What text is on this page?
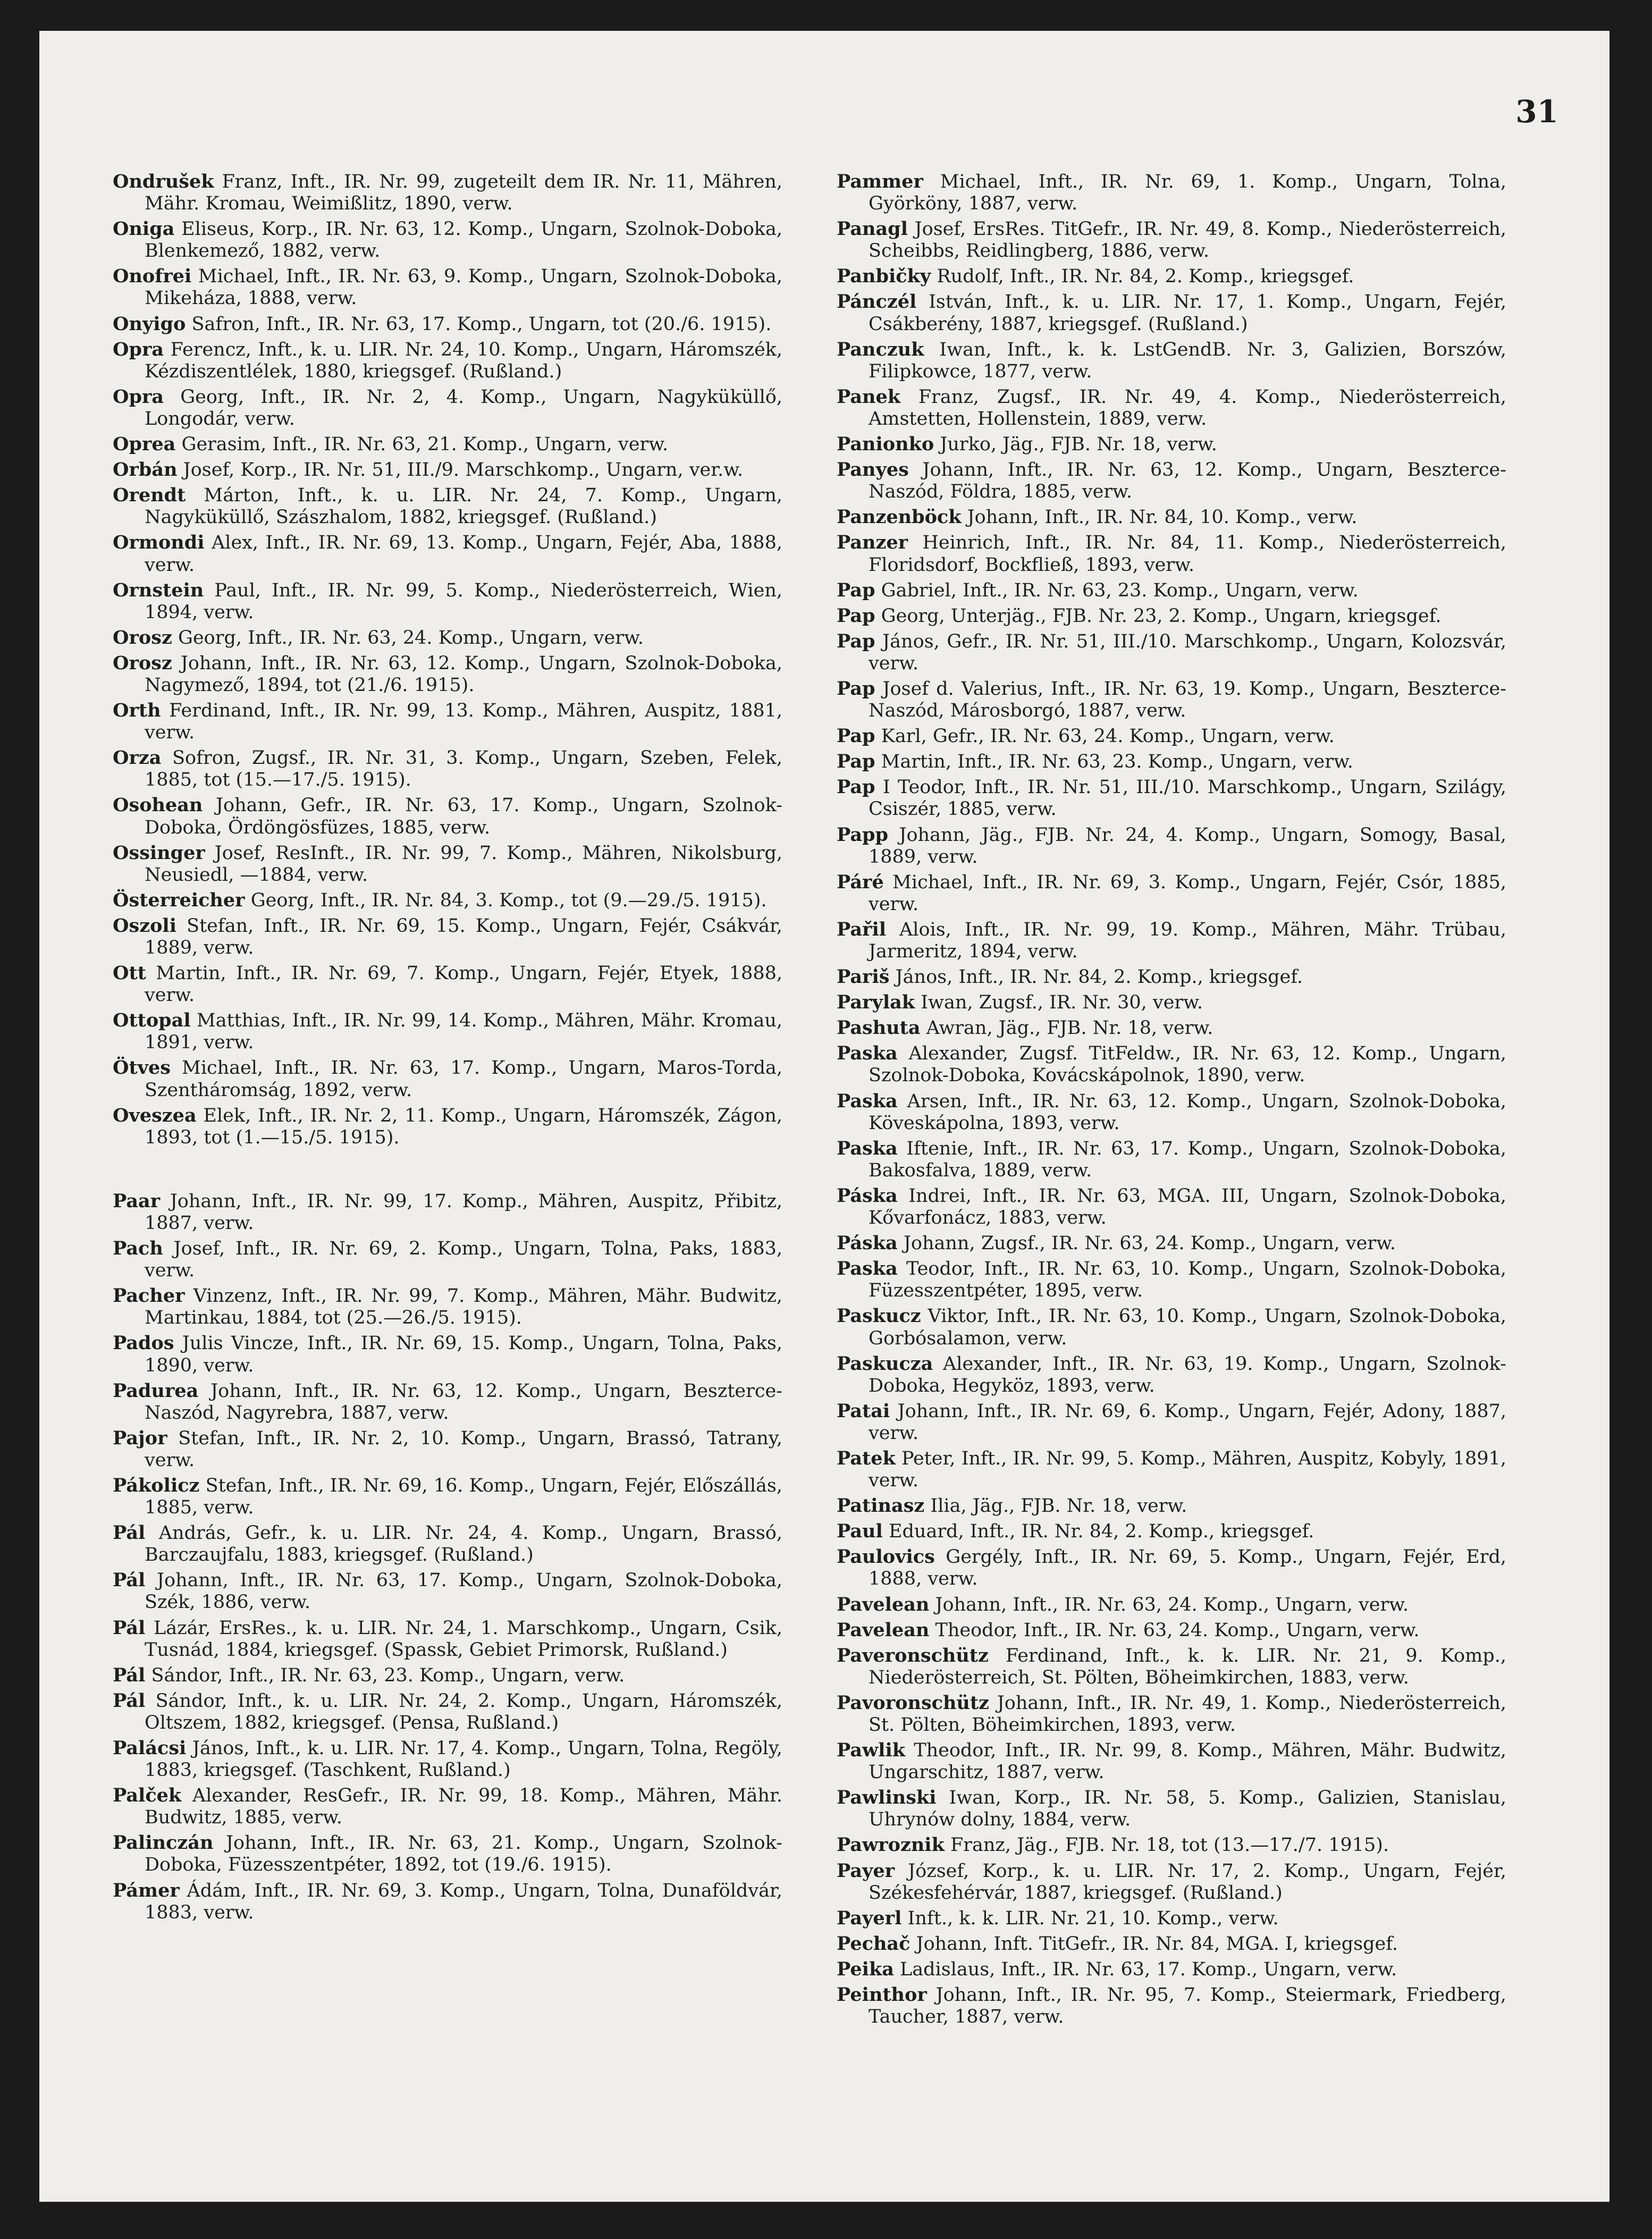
31

Ondrušek Franz, Inft., IR. Nr. 99, zugeteilt dem IR. Nr. 11, Mähren, Mähr. Kromau, Weimißlitz, 1890, verw.

Oniga Eliseus, Korp., IR. Nr. 63, 12. Komp., Ungarn, Szolnok-Doboka, Blenkemező, 1882, verw.

Onofrei Michael, Inft., IR. Nr. 63, 9. Komp., Ungarn, Szolnok-Doboka, Mikeháza, 1888, verw.

Onyigo Safron, Inft., IR. Nr. 63, 17. Komp., Ungarn, tot (20./6. 1915).

Opra Ferencz, Inft., k. u. LIR. Nr. 24, 10. Komp., Ungarn, Háromszék, Kézdiszentlélek, 1880, kriegsgef. (Rußland.)

Opra Georg, Inft., IR. Nr. 2, 4. Komp., Ungarn, Nagyküküllő, Longodár, verw.

Oprea Gerasim, Inft., IR. Nr. 63, 21. Komp., Ungarn, verw.

Orbán Josef, Korp., IR. Nr. 51, III./9. Marschkomp., Ungarn, ver.w.

Orendt Márton, Inft., k. u. LIR. Nr. 24, 7. Komp., Ungarn, Nagyküküllő, Szászhalom, 1882, kriegsgef. (Rußland.)

Ormondi Alex, Inft., IR. Nr. 69, 13. Komp., Ungarn, Fejér, Aba, 1888, verw.

Ornstein Paul, Inft., IR. Nr. 99, 5. Komp., Niederösterreich, Wien, 1894, verw.

Orosz Georg, Inft., IR. Nr. 63, 24. Komp., Ungarn, verw.

Orosz Johann, Inft., IR. Nr. 63, 12. Komp., Ungarn, Szolnok-Doboka, Nagymező, 1894, tot (21./6. 1915).

Orth Ferdinand, Inft., IR. Nr. 99, 13. Komp., Mähren, Auspitz, 1881, verw.

Orza Sofron, Zugsf., IR. Nr. 31, 3. Komp., Ungarn, Szeben, Felek, 1885, tot (15.—17./5. 1915).

Osohean Johann, Gefr., IR. Nr. 63, 17. Komp., Ungarn, Szolnok-Doboka, Ördöngösfüzes, 1885, verw.

Ossinger Josef, ResInft., IR. Nr. 99, 7. Komp., Mähren, Nikolsburg, Neusiedl, —1884, verw.

Österreicher Georg, Inft., IR. Nr. 84, 3. Komp., tot (9.—29./5. 1915).

Oszoli Stefan, Inft., IR. Nr. 69, 15. Komp., Ungarn, Fejér, Csákvár, 1889, verw.

Ott Martin, Inft., IR. Nr. 69, 7. Komp., Ungarn, Fejér, Etyek, 1888, verw.

Ottopal Matthias, Inft., IR. Nr. 99, 14. Komp., Mähren, Mähr. Kromau, 1891, verw.

Ötves Michael, Inft., IR. Nr. 63, 17. Komp., Ungarn, Maros-Torda, Szentháromság, 1892, verw.

Oveszea Elek, Inft., IR. Nr. 2, 11. Komp., Ungarn, Háromszék, Zágon, 1893, tot (1.—15./5. 1915).

Paar Johann, Inft., IR. Nr. 99, 17. Komp., Mähren, Auspitz, Přibitz, 1887, verw.

Pach Josef, Inft., IR. Nr. 69, 2. Komp., Ungarn, Tolna, Paks, 1883, verw.

Pacher Vinzenz, Inft., IR. Nr. 99, 7. Komp., Mähren, Mähr. Budwitz, Martinkau, 1884, tot (25.—26./5. 1915).

Pados Julis Vincze, Inft., IR. Nr. 69, 15. Komp., Ungarn, Tolna, Paks, 1890, verw.

Padurea Johann, Inft., IR. Nr. 63, 12. Komp., Ungarn, Beszterce-Naszód, Nagyrebra, 1887, verw.

Pajor Stefan, Inft., IR. Nr. 2, 10. Komp., Ungarn, Brassó, Tatrany, verw.

Pákolicz Stefan, Inft., IR. Nr. 69, 16. Komp., Ungarn, Fejér, Előszállás, 1885, verw.

Pál András, Gefr., k. u. LIR. Nr. 24, 4. Komp., Ungarn, Brassó, Barczaujfalu, 1883, kriegsgef. (Rußland.)

Pál Johann, Inft., IR. Nr. 63, 17. Komp., Ungarn, Szolnok-Doboka, Szék, 1886, verw.

Pál Lázár, ErsRes., k. u. LIR. Nr. 24, 1. Marschkomp., Ungarn, Csik, Tusnád, 1884, kriegsgef. (Spassk, Gebiet Primorsk, Rußland.)

Pál Sándor, Inft., IR. Nr. 63, 23. Komp., Ungarn, verw.

Pál Sándor, Inft., k. u. LIR. Nr. 24, 2. Komp., Ungarn, Háromszék, Oltszem, 1882, kriegsgef. (Pensa, Rußland.)

Palácsi János, Inft., k. u. LIR. Nr. 17, 4. Komp., Ungarn, Tolna, Regöly, 1883, kriegsgef. (Taschkent, Rußland.)

Palček Alexander, ResGefr., IR. Nr. 99, 18. Komp., Mähren, Mähr. Budwitz, 1885, verw.

Palinczán Johann, Inft., IR. Nr. 63, 21. Komp., Ungarn, Szolnok-Doboka, Füzesszentpéter, 1892, tot (19./6. 1915).

Pámer Ádám, Inft., IR. Nr. 69, 3. Komp., Ungarn, Tolna, Dunaföldvár, 1883, verw.

Pammer Michael, Inft., IR. Nr. 69, 1. Komp., Ungarn, Tolna, Györköny, 1887, verw.

Panagl Josef, ErsRes. TitGefr., IR. Nr. 49, 8. Komp., Niederösterreich, Scheibbs, Reidlingberg, 1886, verw.

Panbičky Rudolf, Inft., IR. Nr. 84, 2. Komp., kriegsgef.

Pánczél István, Inft., k. u. LIR. Nr. 17, 1. Komp., Ungarn, Fejér, Csákberény, 1887, kriegsgef. (Rußland.)

Panczuk Iwan, Inft., k. k. LstGendB. Nr. 3, Galizien, Borszów, Filipkowce, 1877, verw.

Panek Franz, Zugsf., IR. Nr. 49, 4. Komp., Niederösterreich, Amstetten, Hollenstein, 1889, verw.

Panionko Jurko, Jäg., FJB. Nr. 18, verw.

Panyes Johann, Inft., IR. Nr. 63, 12. Komp., Ungarn, Beszterce-Naszód, Földra, 1885, verw.

Panzenböck Johann, Inft., IR. Nr. 84, 10. Komp., verw.

Panzer Heinrich, Inft., IR. Nr. 84, 11. Komp., Niederösterreich, Floridsdorf, Bockfließ, 1893, verw.

Pap Gabriel, Inft., IR. Nr. 63, 23. Komp., Ungarn, verw.

Pap Georg, Unterjäg., FJB. Nr. 23, 2. Komp., Ungarn, kriegsgef.

Pap János, Gefr., IR. Nr. 51, III./10. Marschkomp., Ungarn, Kolozsvár, verw.

Pap Josef d. Valerius, Inft., IR. Nr. 63, 19. Komp., Ungarn, Beszterce-Naszód, Márosborgó, 1887, verw.

Pap Karl, Gefr., IR. Nr. 63, 24. Komp., Ungarn, verw.

Pap Martin, Inft., IR. Nr. 63, 23. Komp., Ungarn, verw.

Pap I Teodor, Inft., IR. Nr. 51, III./10. Marschkomp., Ungarn, Szilágy, Csiszér, 1885, verw.

Papp Johann, Jäg., FJB. Nr. 24, 4. Komp., Ungarn, Somogy, Basal, 1889, verw.

Páré Michael, Inft., IR. Nr. 69, 3. Komp., Ungarn, Fejér, Csór, 1885, verw.

Pařil Alois, Inft., IR. Nr. 99, 19. Komp., Mähren, Mähr. Trübau, Jarmeritz, 1894, verw.

Pariš János, Inft., IR. Nr. 84, 2. Komp., kriegsgef.

Parylak Iwan, Zugsf., IR. Nr. 30, verw.

Pashuta Awran, Jäg., FJB. Nr. 18, verw.

Paska Alexander, Zugsf. TitFeldw., IR. Nr. 63, 12. Komp., Ungarn, Szolnok-Doboka, Kovácskápolnok, 1890, verw.

Paska Arsen, Inft., IR. Nr. 63, 12. Komp., Ungarn, Szolnok-Doboka, Köveskápolna, 1893, verw.

Paska Iftenie, Inft., IR. Nr. 63, 17. Komp., Ungarn, Szolnok-Doboka, Bakosfalva, 1889, verw.

Páska Indrei, Inft., IR. Nr. 63, MGA. III, Ungarn, Szolnok-Doboka, Kővarfonácz, 1883, verw.

Páska Johann, Zugsf., IR. Nr. 63, 24. Komp., Ungarn, verw.

Paska Teodor, Inft., IR. Nr. 63, 10. Komp., Ungarn, Szolnok-Doboka, Füzesszentpéter, 1895, verw.

Paskucz Viktor, Inft., IR. Nr. 63, 10. Komp., Ungarn, Szolnok-Doboka, Gorbósalamon, verw.

Paskucza Alexander, Inft., IR. Nr. 63, 19. Komp., Ungarn, Szolnok-Doboka, Hegyköz, 1893, verw.

Patai Johann, Inft., IR. Nr. 69, 6. Komp., Ungarn, Fejér, Adony, 1887, verw.

Patek Peter, Inft., IR. Nr. 99, 5. Komp., Mähren, Auspitz, Kobyly, 1891, verw.

Patinasz Ilia, Jäg., FJB. Nr. 18, verw.

Paul Eduard, Inft., IR. Nr. 84, 2. Komp., kriegsgef.

Paulovics Gergély, Inft., IR. Nr. 69, 5. Komp., Ungarn, Fejér, Erd, 1888, verw.

Pavelean Johann, Inft., IR. Nr. 63, 24. Komp., Ungarn, verw.

Pavelean Theodor, Inft., IR. Nr. 63, 24. Komp., Ungarn, verw.

Paveronschütz Ferdinand, Inft., k. k. LIR. Nr. 21, 9. Komp., Niederösterreich, St. Pölten, Böheimkirchen, 1883, verw.

Pavoronschütz Johann, Inft., IR. Nr. 49, 1. Komp., Niederösterreich, St. Pölten, Böheimkirchen, 1893, verw.

Pawlik Theodor, Inft., IR. Nr. 99, 8. Komp., Mähren, Mähr. Budwitz, Ungarschitz, 1887, verw.

Pawlinski Iwan, Korp., IR. Nr. 58, 5. Komp., Galizien, Stanislau, Uhrynów dolny, 1884, verw.

Pawroznik Franz, Jäg., FJB. Nr. 18, tot (13.—17./7. 1915).

Payer József, Korp., k. u. LIR. Nr. 17, 2. Komp., Ungarn, Fejér, Székesfehérvár, 1887, kriegsgef. (Rußland.)

Payerl Inft., k. k. LIR. Nr. 21, 10. Komp., verw.

Pechač Johann, Inft. TitGefr., IR. Nr. 84, MGA. I, kriegsgef.

Peika Ladislaus, Inft., IR. Nr. 63, 17. Komp., Ungarn, verw.

Peinthor Johann, Inft., IR. Nr. 95, 7. Komp., Steiermark, Friedberg, Taucher, 1887, verw.
